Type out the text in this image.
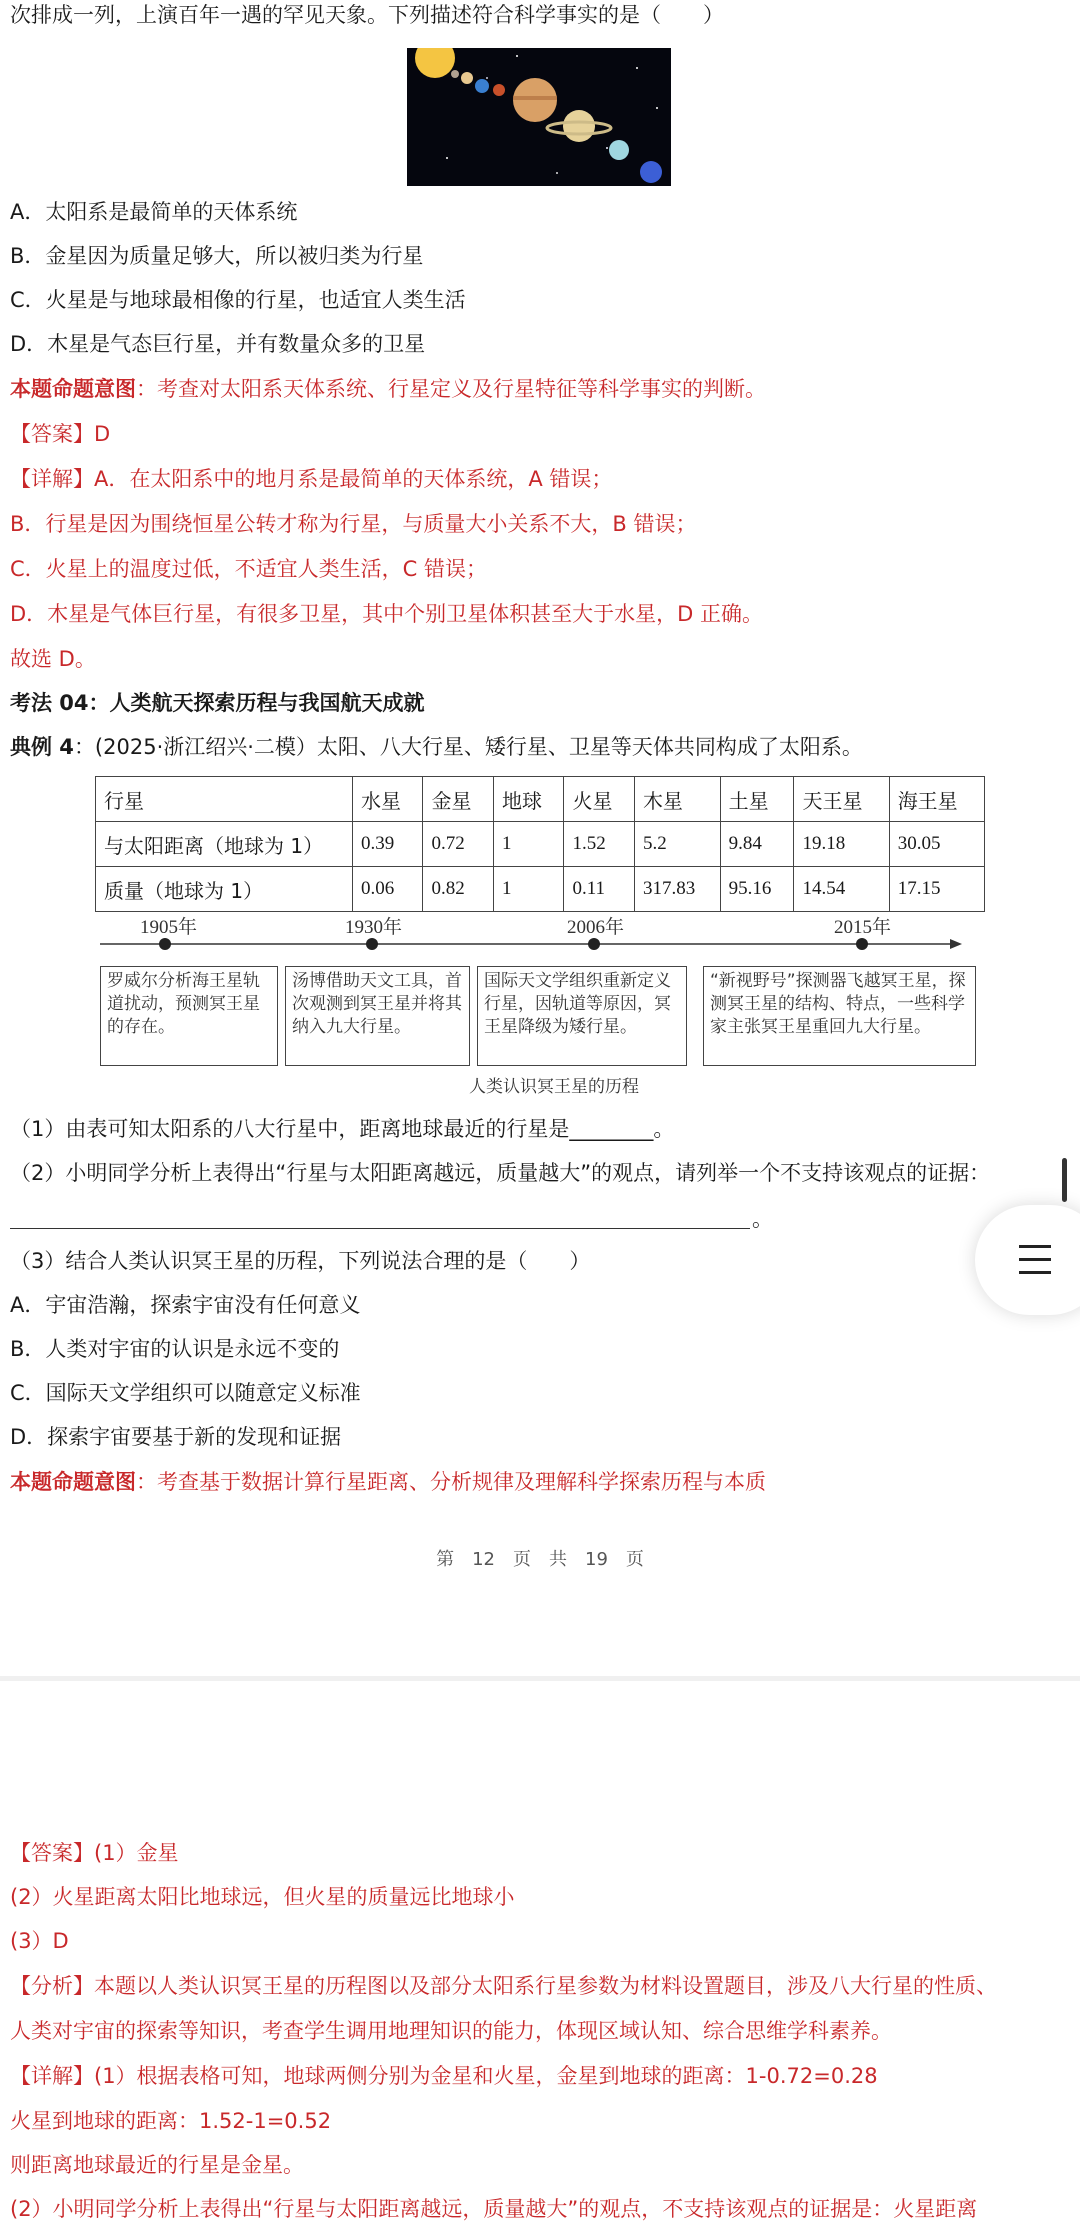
次排成一列，上演百年一遇的罕见天象。下列描述符合科学事实的是（　　）
A．太阳系是最简单的天体系统
B．金星因为质量足够大，所以被归类为行星
C．火星是与地球最相像的行星，也适宜人类生活
D．木星是气态巨行星，并有数量众多的卫星
本题命题意图：考查对太阳系天体系统、行星定义及行星特征等科学事实的判断。
【答案】D
【详解】A．在太阳系中的地月系是最简单的天体系统，A 错误；
B．行星是因为围绕恒星公转才称为行星，与质量大小关系不大，B 错误；
C．火星上的温度过低，不适宜人类生活，C 错误；
D．木星是气体巨行星，有很多卫星，其中个别卫星体积甚至大于水星，D 正确。
故选 D。
考法 04：人类航天探索历程与我国航天成就
典例 4：(2025·浙江绍兴·二模）太阳、八大行星、矮行星、卫星等天体共同构成了太阳系。
行星	水星	金星	地球	火星	木星	土星	天王星	海王星
与太阳距离（地球为 1）	0.39	0.72	1	1.52	5.2	9.84	19.18	30.05
质量（地球为 1）	0.06	0.82	1	0.11	317.83	95.16	14.54	17.15
1905年	1930年	2006年	2015年
罗威尔分析海王星轨道扰动，预测冥王星的存在。
汤博借助天文工具，首次观测到冥王星并将其纳入九大行星。
国际天文学组织重新定义行星，因轨道等原因，冥王星降级为矮行星。
“新视野号”探测器飞越冥王星，探测冥王星的结构、特点，一些科学家主张冥王星重回九大行星。
人类认识冥王星的历程
（1）由表可知太阳系的八大行星中，距离地球最近的行星是________。
（2）小明同学分析上表得出“行星与太阳距离越远，质量越大”的观点，请列举一个不支持该观点的证据：
。
（3）结合人类认识冥王星的历程，下列说法合理的是（　　）
A．宇宙浩瀚，探索宇宙没有任何意义
B．人类对宇宙的认识是永远不变的
C．国际天文学组织可以随意定义标准
D．探索宇宙要基于新的发现和证据
本题命题意图：考查基于数据计算行星距离、分析规律及理解科学探索历程与本质
第　12　页　共　19　页
【答案】(1）金星
(2）火星距离太阳比地球远，但火星的质量远比地球小
(3）D
【分析】本题以人类认识冥王星的历程图以及部分太阳系行星参数为材料设置题目，涉及八大行星的性质、
人类对宇宙的探索等知识，考查学生调用地理知识的能力，体现区域认知、综合思维学科素养。
【详解】(1）根据表格可知，地球两侧分别为金星和火星，金星到地球的距离：1-0.72=0.28
火星到地球的距离：1.52-1=0.52
则距离地球最近的行星是金星。
(2）小明同学分析上表得出“行星与太阳距离越远，质量越大”的观点，不支持该观点的证据是：火星距离
